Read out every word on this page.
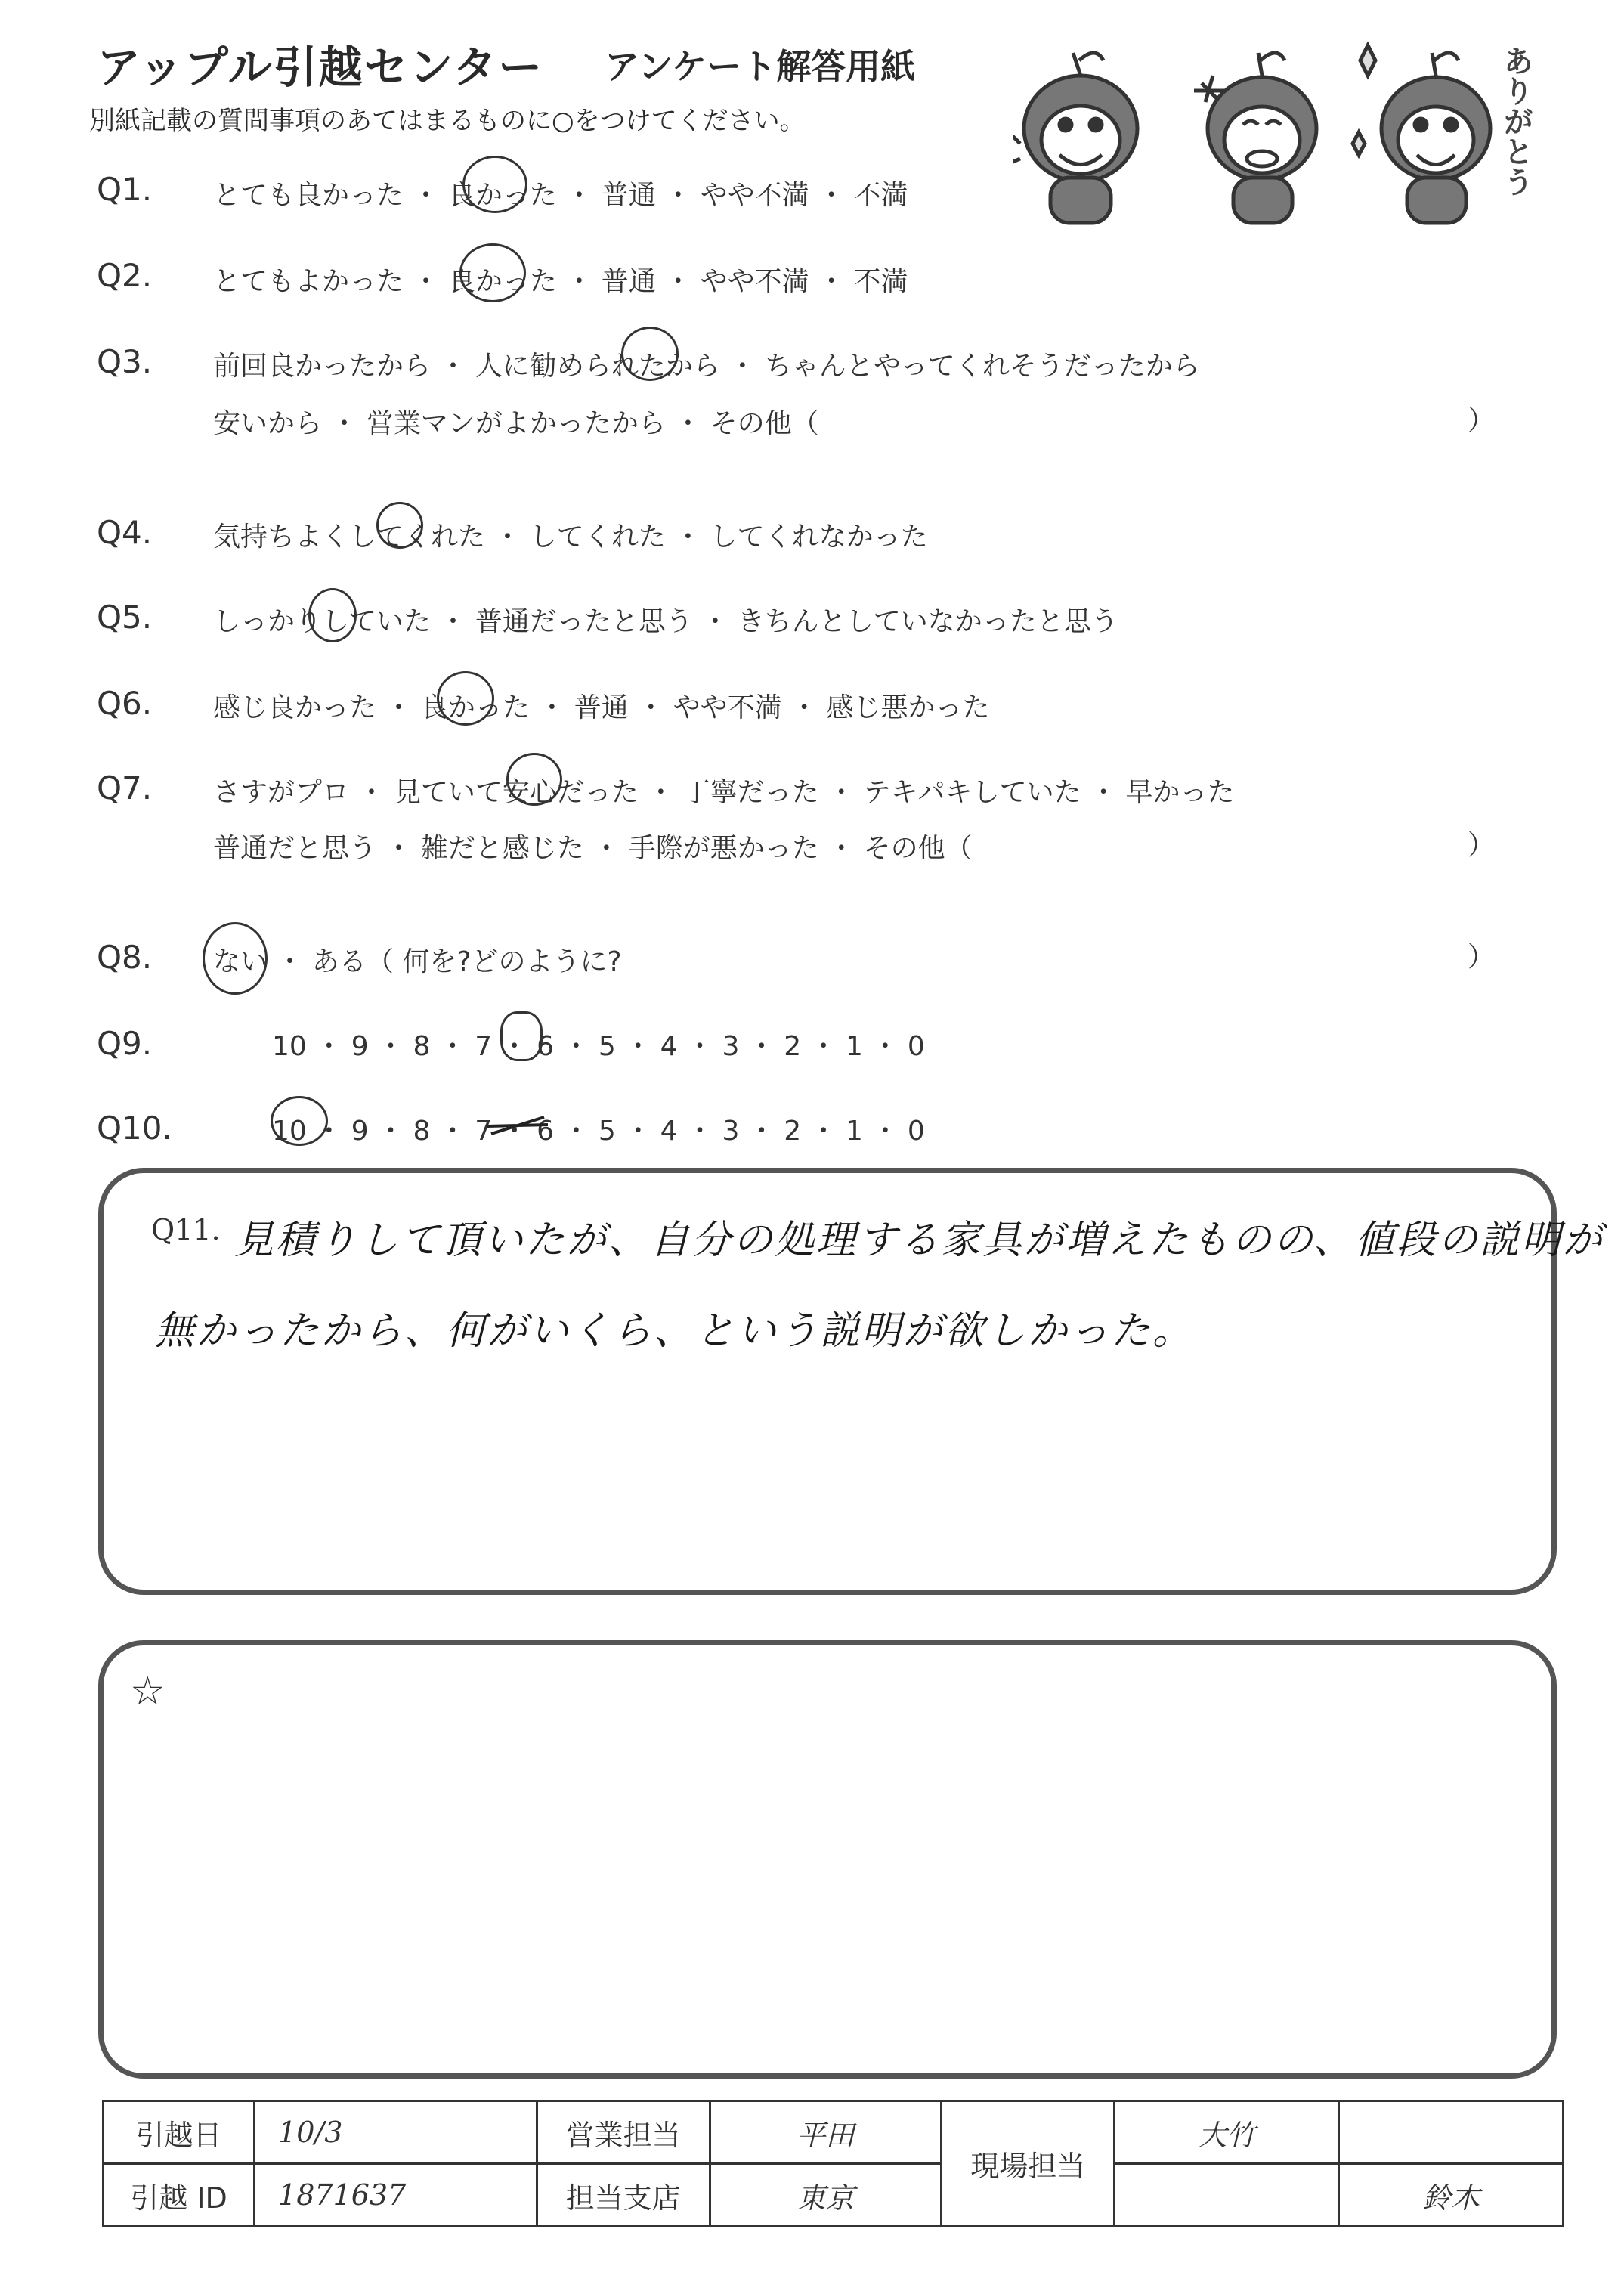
アップル引越センター アンケート解答用紙
別紙記載の質問事項のあてはまるものに○をつけてください。	ありがとう
Q1. とても良かった ・ 良かった ・ 普通 ・ やや不満 ・ 不満
Q2. とてもよかった ・ 良かった ・ 普通 ・ やや不満 ・ 不満
Q3. 前回良かったから ・ 人に勧められたから ・ ちゃんとやってくれそうだったから
安いから ・ 営業マンがよかったから ・ その他（	）
Q4. 気持ちよくしてくれた ・ してくれた ・ してくれなかった
Q5. しっかりしていた ・ 普通だったと思う ・ きちんとしていなかったと思う
Q6. 感じ良かった ・ 良かった ・ 普通 ・ やや不満 ・ 感じ悪かった
Q7. さすがプロ ・ 見ていて安心だった ・ 丁寧だった ・ テキパキしていた ・ 早かった
普通だと思う ・ 雑だと感じた ・ 手際が悪かった ・ その他（	）
Q8. ない ・ ある（ 何を?どのように?	）
Q9.	10 ・ 9 ・ 8 ・ 7 ・ 6 ・ 5 ・ 4 ・ 3 ・ 2 ・ 1 ・ 0
Q10.	10 ・ 9 ・ 8 ・ 7 ・ 6 ・ 5 ・ 4 ・ 3 ・ 2 ・ 1 ・ 0
Q11. 見積りして頂いたが、自分の処理する家具が増えたものの、値段の説明が
無かったから、何がいくら、という説明が欲しかった。
☆
引越日	10/3	営業担当	平田	現場担当	大竹	
引越 ID	1871637	担当支店	東京			鈴木
